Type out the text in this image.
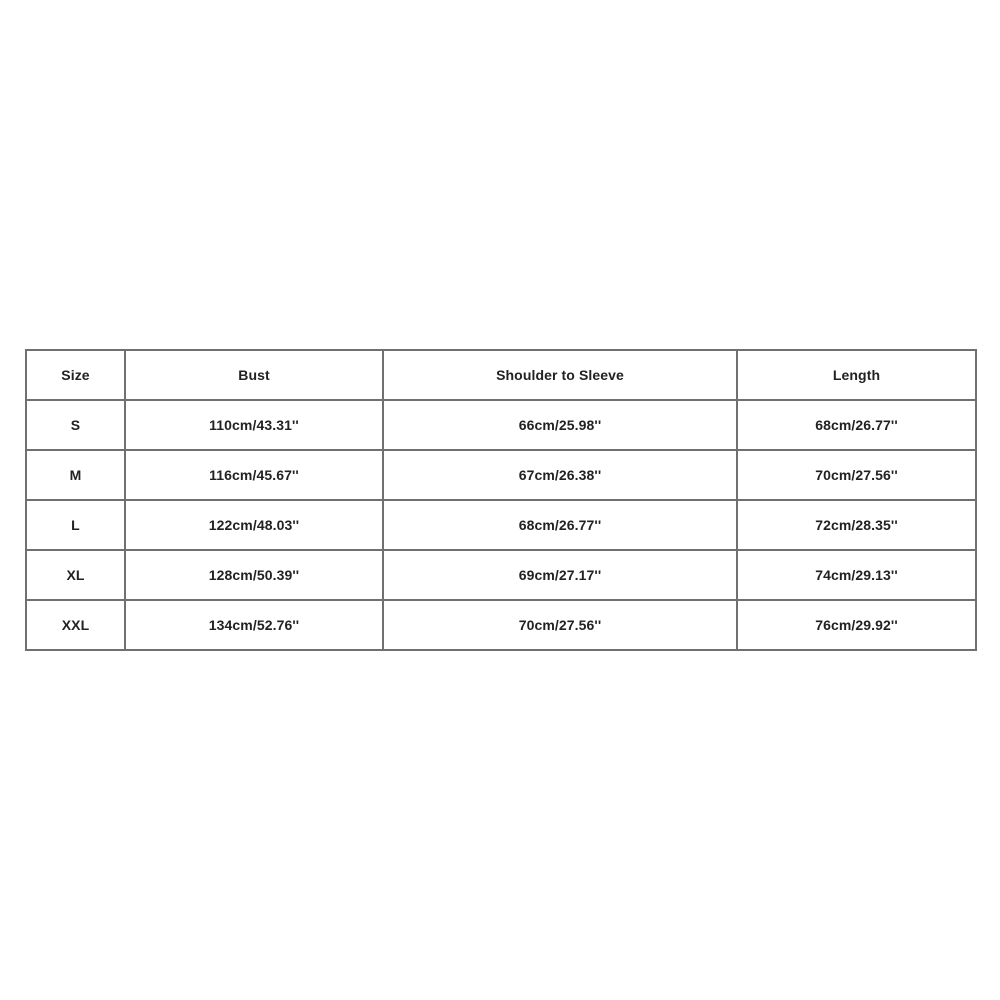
Size	Bust	Shoulder to Sleeve	Length
S	110cm/43.31''	66cm/25.98''	68cm/26.77''
M	116cm/45.67''	67cm/26.38''	70cm/27.56''
L	122cm/48.03''	68cm/26.77''	72cm/28.35''
XL	128cm/50.39''	69cm/27.17''	74cm/29.13''
XXL	134cm/52.76''	70cm/27.56''	76cm/29.92''
